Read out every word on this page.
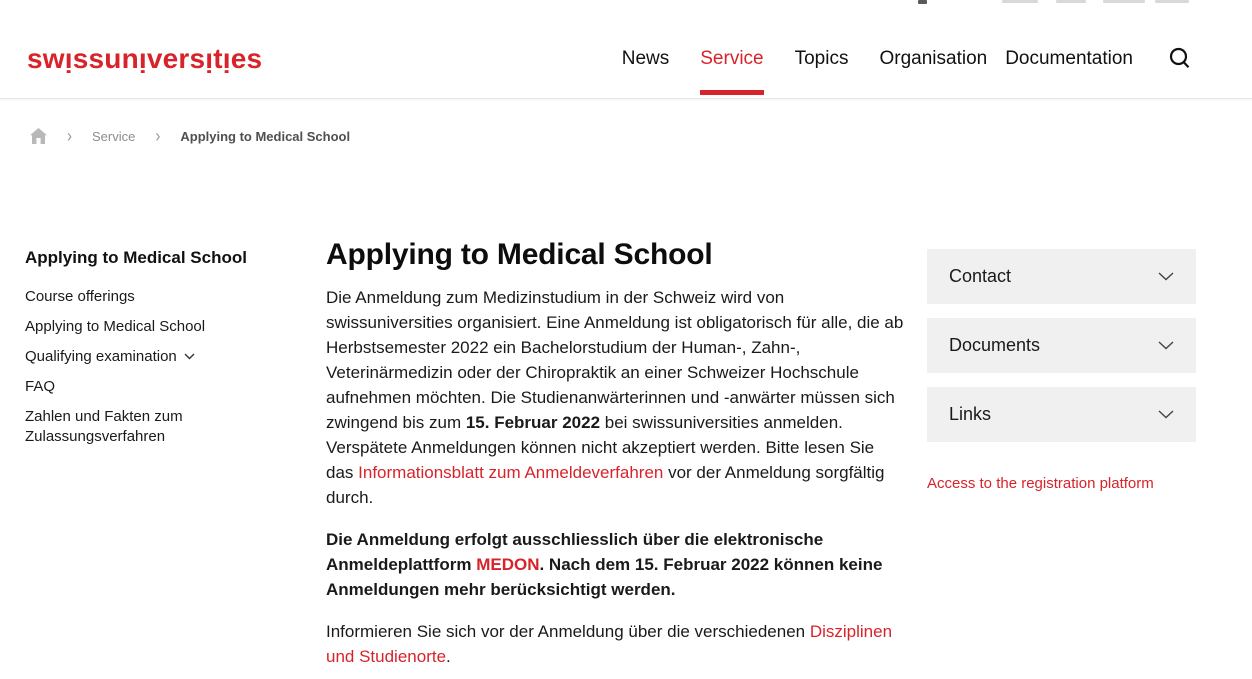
swı̣ssunı̣versı̣tı̣es	News Service Topics Organisation Documentation
› Service › Applying to Medical School
Applying to Medical School
Course offerings
Applying to Medical School
Qualifying examination
FAQ
Zahlen und Fakten zum Zulassungsverfahren
Applying to Medical School

Die Anmeldung zum Medizinstudium in der Schweiz wird von swissuniversities organisiert. Eine Anmeldung ist obligatorisch für alle, die ab Herbstsemester 2022 ein Bachelorstudium der Human-, Zahn-, Veterinärmedizin oder der Chiropraktik an einer Schweizer Hochschule aufnehmen möchten. Die Studienanwärterinnen und -anwärter müssen sich zwingend bis zum 15. Februar 2022 bei swissuniversities anmelden. Verspätete Anmeldungen können nicht akzeptiert werden. Bitte lesen Sie das Informationsblatt zum Anmeldeverfahren vor der Anmeldung sorgfältig durch.

Die Anmeldung erfolgt ausschliesslich über die elektronische Anmeldeplattform MEDON. Nach dem 15. Februar 2022 können keine Anmeldungen mehr berücksichtigt werden.

Informieren Sie sich vor der Anmeldung über die verschiedenen Disziplinen und Studienorte.

Contact
Documents
Links
Access to the registration platform
